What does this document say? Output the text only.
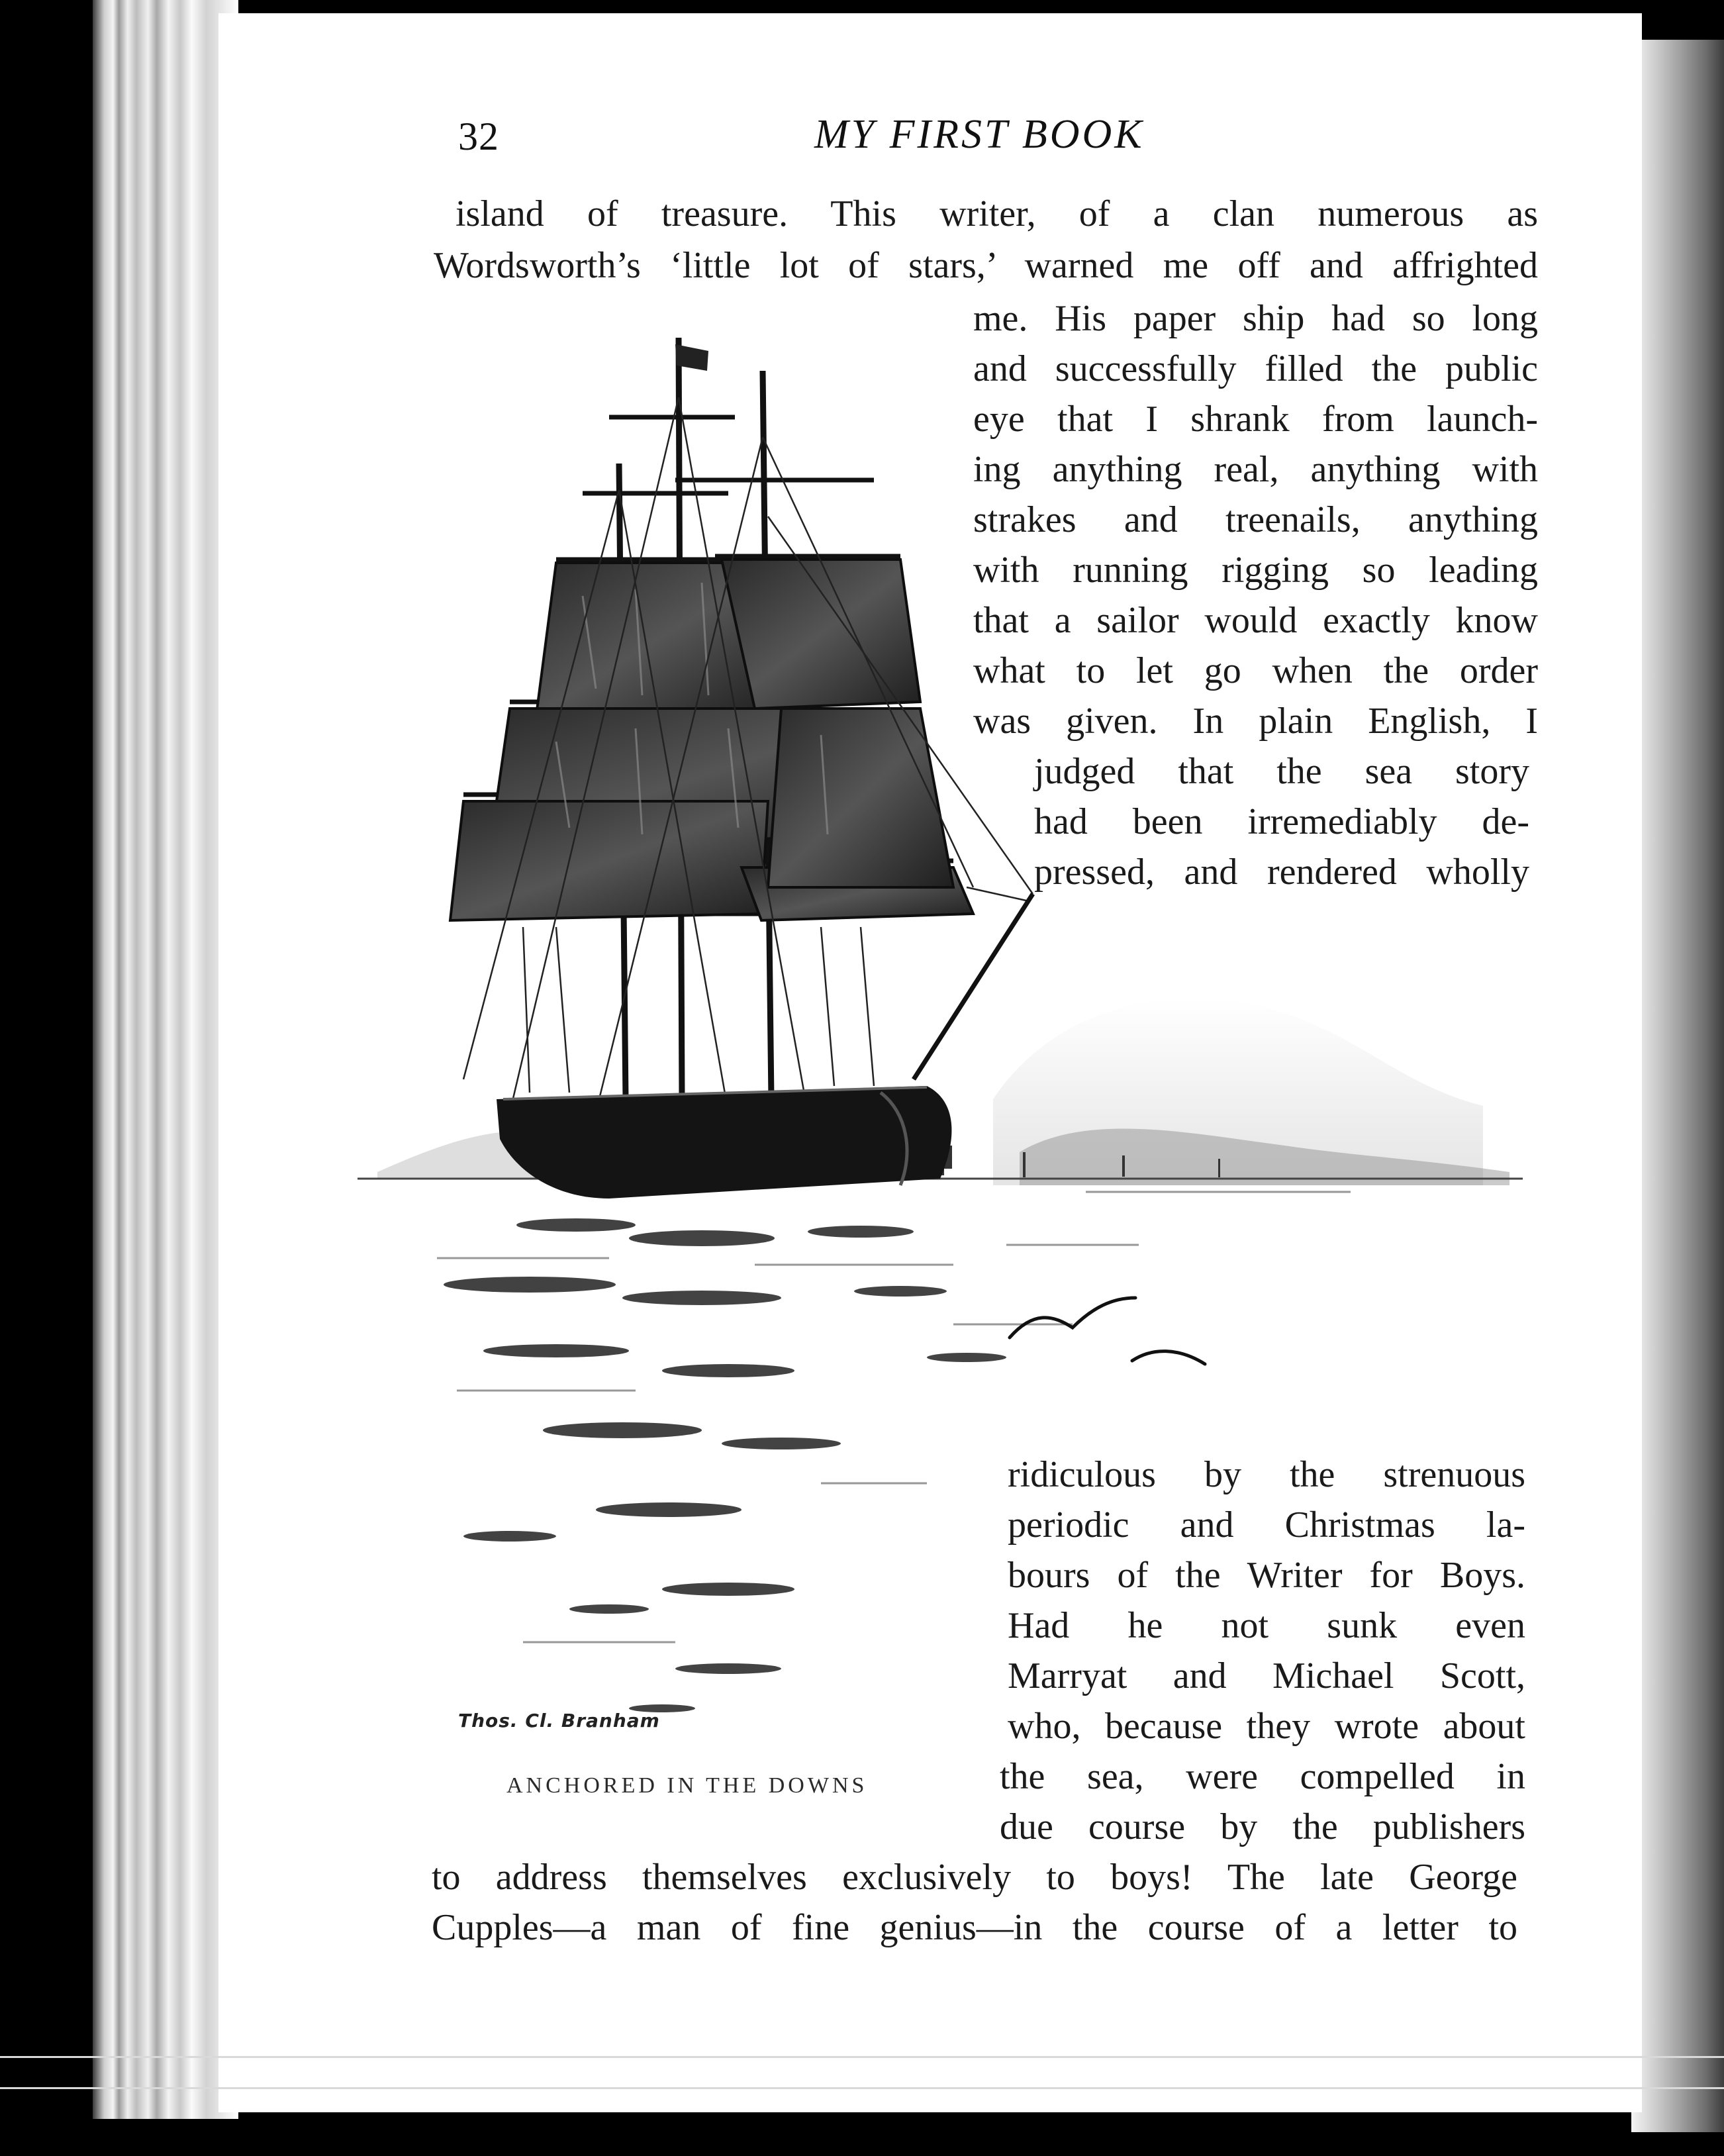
32	MY FIRST BOOK
island of treasure. This writer, of a clan numerous as
Wordsworth’s ‘little lot of stars,’ warned me off and affrighted
me. His paper ship had so long
and successfully filled the public
eye that I shrank from launch-
ing anything real, anything with
strakes and treenails, anything
with running rigging so leading
that a sailor would exactly know
what to let go when the order
was given. In plain English, I
judged that the sea story
had been irremediably de-
pressed, and rendered wholly
ridiculous by the strenuous
periodic and Christmas la-
bours of the Writer for Boys.
Had he not sunk even
Marryat and Michael Scott,
who, because they wrote about
the sea, were compelled in
due course by the publishers
to address themselves exclusively to boys! The late George
Cupples—a man of fine genius—in the course of a letter to
Thos. Cl. Branham
ANCHORED IN THE DOWNS
